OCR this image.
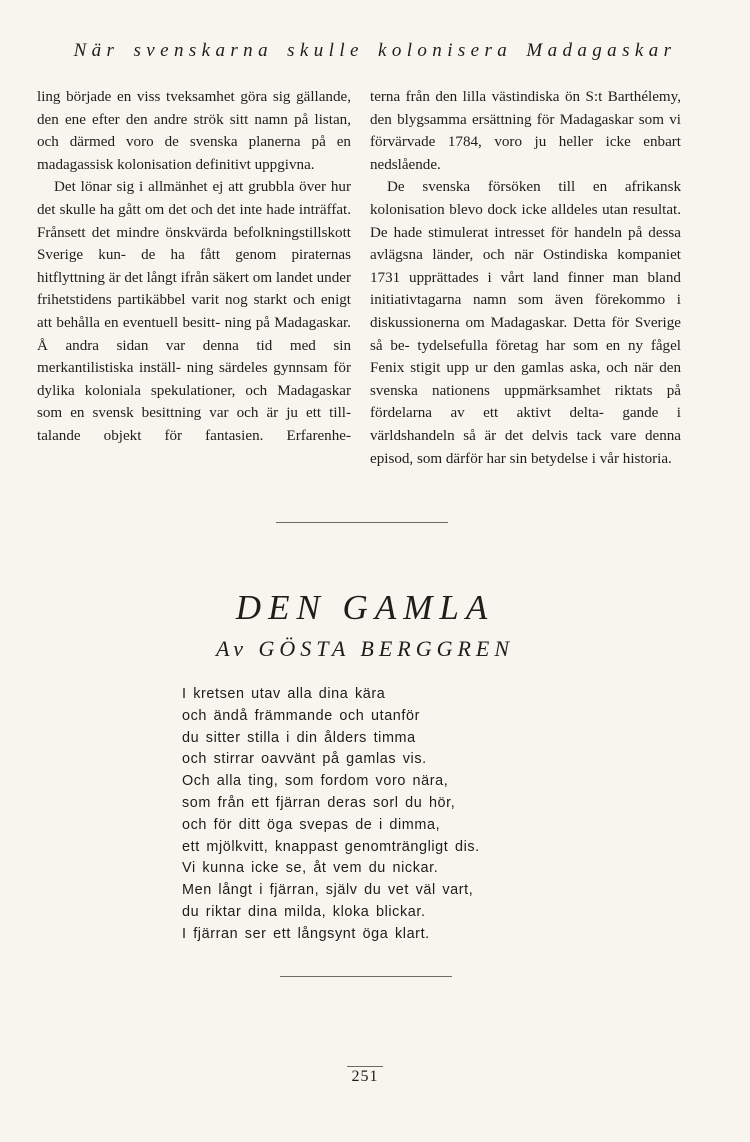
När svenskarna skulle kolonisera Madagaskar

ling började en viss tveksamhet göra sig gällande, den ene efter den andre strök sitt namn på listan, och därmed voro de svenska planerna på en madagassisk kolonisation definitivt uppgivna.

Det lönar sig i allmänhet ej att grubbla över hur det skulle ha gått om det och det inte hade inträffat. Frånsett det mindre önskvärda befolkningstillskott Sverige kun- de ha fått genom piraternas hitflyttning är det långt ifrån säkert om landet under frihetstidens partikäbbel varit nog starkt och enigt att behålla en eventuell besitt- ning på Madagaskar. Å andra sidan var denna tid med sin merkantilistiska inställ- ning särdeles gynnsam för dylika koloniala spekulationer, och Madagaskar som en svensk besittning var och är ju ett till- talande objekt för fantasien. Erfarenhe-

terna från den lilla västindiska ön S:t Barthélemy, den blygsamma ersättning för Madagaskar som vi förvärvade 1784, voro ju heller icke enbart nedslående.

De svenska försöken till en afrikansk kolonisation blevo dock icke alldeles utan resultat. De hade stimulerat intresset för handeln på dessa avlägsna länder, och när Ostindiska kompaniet 1731 upprättades i vårt land finner man bland initiativtagarna namn som även förekommo i diskussionerna om Madagaskar. Detta för Sverige så be- tydelsefulla företag har som en ny fågel Fenix stigit upp ur den gamlas aska, och när den svenska nationens uppmärksamhet riktats på fördelarna av ett aktivt delta- gande i världshandeln så är det delvis tack vare denna episod, som därför har sin betydelse i vår historia.

DEN GAMLA
Av GÖSTA BERGGREN
I kretsen utav alla dina kära
och ändå främmande och utanför
du sitter stilla i din ålders timma
och stirrar oavvänt på gamlas vis.
Och alla ting, som fordom voro nära,
som från ett fjärran deras sorl du hör,
och för ditt öga svepas de i dimma,
ett mjölkvitt, knappast genomträngligt dis.
Vi kunna icke se, åt vem du nickar.
Men långt i fjärran, själv du vet väl vart,
du riktar dina milda, kloka blickar.
I fjärran ser ett långsynt öga klart.
251
